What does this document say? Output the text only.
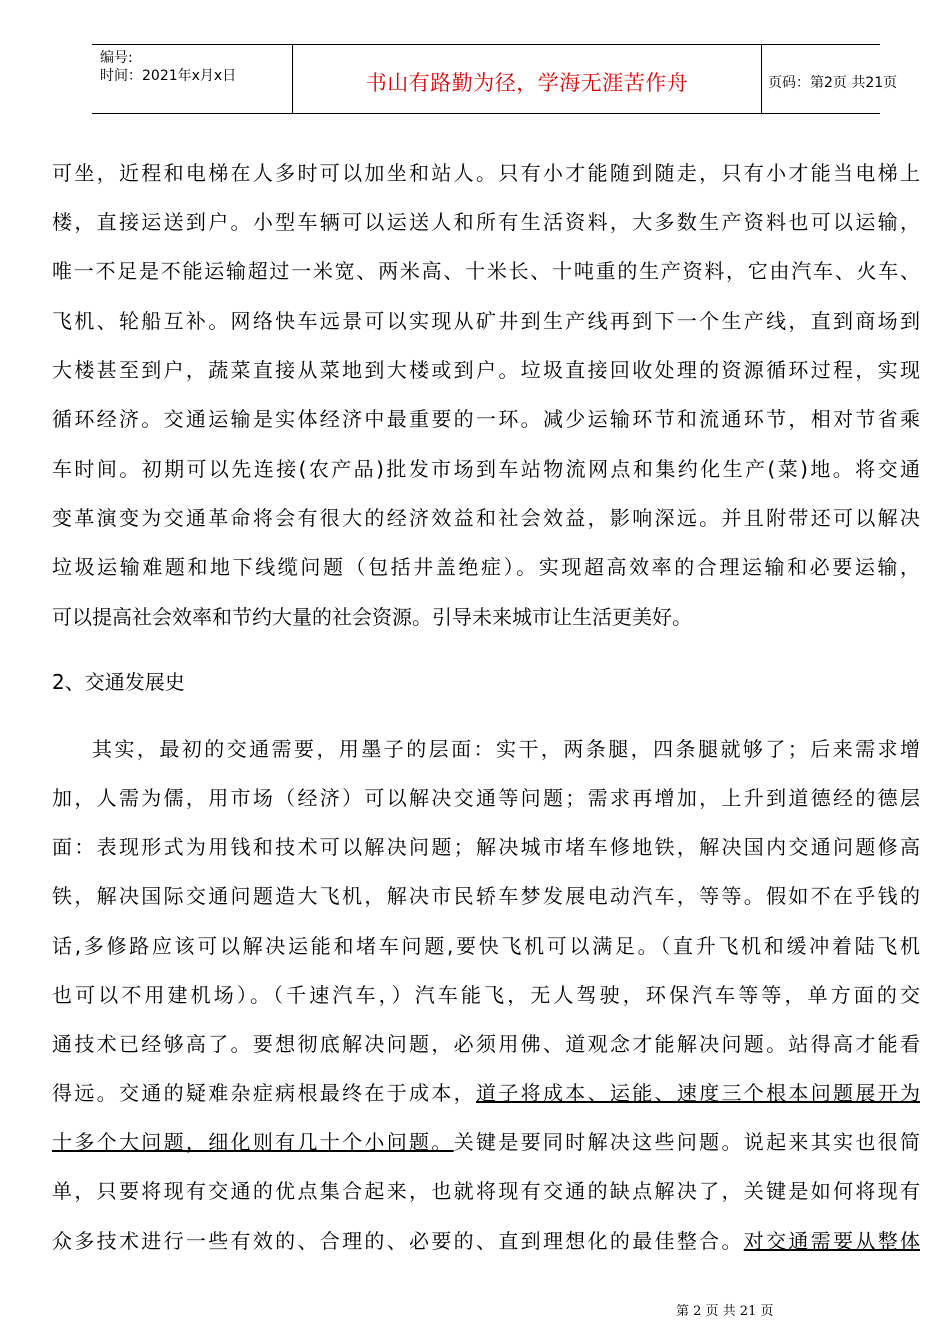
编号:
时间：2021年x月x日	书山有路勤为径，学海无涯苦作舟	页码：第2页 共21页
可坐，近程和电梯在人多时可以加坐和站人。只有小才能随到随走，只有小才能当电梯上
楼，直接运送到户。小型车辆可以运送人和所有生活资料，大多数生产资料也可以运输，
唯一不足是不能运输超过一米宽、两米高、十米长、十吨重的生产资料，它由汽车、火车、
飞机、轮船互补。网络快车远景可以实现从矿井到生产线再到下一个生产线，直到商场到
大楼甚至到户，蔬菜直接从菜地到大楼或到户。垃圾直接回收处理的资源循环过程，实现
循环经济。交通运输是实体经济中最重要的一环。减少运输环节和流通环节，相对节省乘
车时间。初期可以先连接(农产品)批发市场到车站物流网点和集约化生产(菜)地。将交通
变革演变为交通革命将会有很大的经济效益和社会效益，影响深远。并且附带还可以解决
垃圾运输难题和地下线缆问题（包括井盖绝症）。实现超高效率的合理运输和必要运输，
可以提高社会效率和节约大量的社会资源。引导未来城市让生活更美好。
其实，最初的交通需要，用墨子的层面：实干，两条腿，四条腿就够了；后来需求增
加，人需为儒，用市场（经济）可以解决交通等问题；需求再增加，上升到道德经的德层
面：表现形式为用钱和技术可以解决问题；解决城市堵车修地铁，解决国内交通问题修高
铁，解决国际交通问题造大飞机，解决市民轿车梦发展电动汽车，等等。假如不在乎钱的
话,多修路应该可以解决运能和堵车问题,要快飞机可以满足。（直升飞机和缓冲着陆飞机
也可以不用建机场）。（千速汽车，）汽车能飞，无人驾驶，环保汽车等等，单方面的交
通技术已经够高了。要想彻底解决问题，必须用佛、道观念才能解决问题。站得高才能看
得远。交通的疑难杂症病根最终在于成本，道子将成本、运能、速度三个根本问题展开为
十多个大问题，细化则有几十个小问题。关键是要同时解决这些问题。说起来其实也很简
单，只要将现有交通的优点集合起来，也就将现有交通的缺点解决了，关键是如何将现有
众多技术进行一些有效的、合理的、必要的、直到理想化的最佳整合。对交通需要从整体
2、交通发展史
第 2 页 共 21 页
